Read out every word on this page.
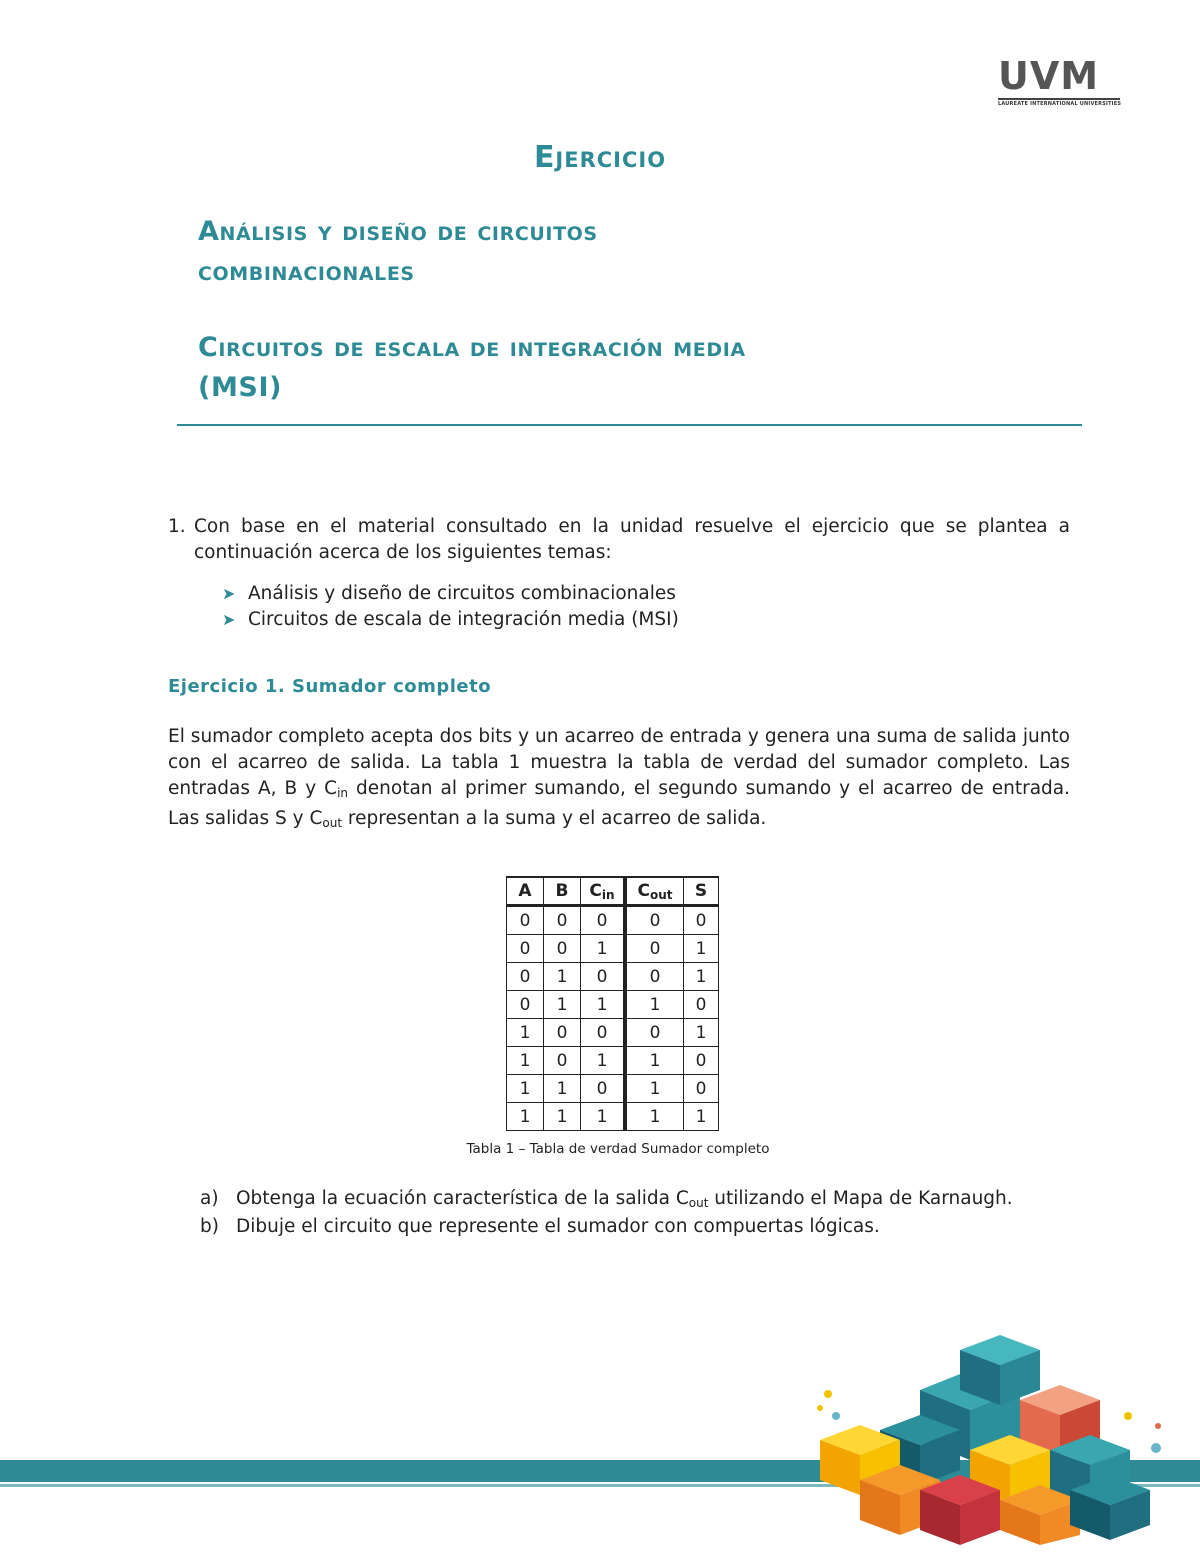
UVM
LAUREATE INTERNATIONAL UNIVERSITIES
Ejercicio
Análisis y diseño de circuitos
combinacionales
Circuitos de escala de integración media
(MSI)

1. Con base en el material consultado en la unidad resuelve el ejercicio que se plantea a continuación acerca de los siguientes temas:

➤ Análisis y diseño de circuitos combinacionales
➤ Circuitos de escala de integración media (MSI)
Ejercicio 1. Sumador completo

El sumador completo acepta dos bits y un acarreo de entrada y genera una suma de salida junto con el acarreo de salida. La tabla 1 muestra la tabla de verdad del sumador completo. Las entradas A, B y $C_{in}$ denotan al primer sumando, el segundo sumando y el acarreo de entrada. Las salidas S y $C_{out}$ representan a la suma y el acarreo de salida.

A	B	$C_{in}$	$C_{out}$	S
0	0	0	0	0
0	0	1	0	1
0	1	0	0	1
0	1	1	1	0
1	0	0	0	1
1	0	1	1	0
1	1	0	1	0
1	1	1	1	1

Tabla 1 – Tabla de verdad Sumador completo

a) Obtenga la ecuación característica de la salida $C_{out}$ utilizando el Mapa de Karnaugh.
b) Dibuje el circuito que represente el sumador con compuertas lógicas.
